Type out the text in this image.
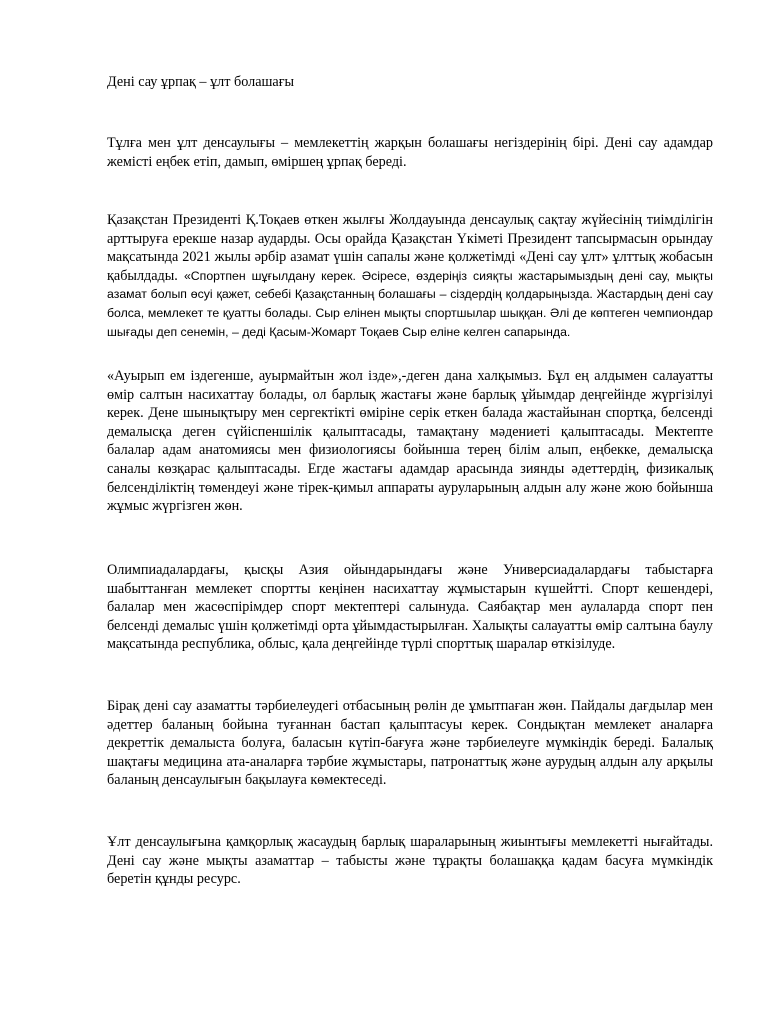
Дені сау ұрпақ – ұлт болашағы

Тұлға мен ұлт денсаулығы – мемлекеттің жарқын болашағы негіздерінің бірі. Дені сау адамдар жемісті еңбек етіп, дамып, өміршең ұрпақ береді.

Қазақстан Президенті Қ.Тоқаев өткен жылғы Жолдауында денсаулық сақтау жүйесінің тиімділігін арттыруға ерекше назар аударды. Осы орайда Қазақстан Үкіметі Президент тапсырмасын орындау мақсатында 2021 жылы әрбір азамат үшін сапалы және қолжетімді «Дені сау ұлт» ұлттық жобасын қабылдады. «Спортпен шұғылдану керек. Әсіресе, өздеріңіз сияқты жастарымыздың дені сау, мықты азамат болып өсуі қажет, себебі Қазақстанның болашағы – сіздердің қолдарыңызда. Жастардың дені сау болса, мемлекет те қуатты болады. Сыр елінен мықты спортшылар шыққан. Әлі де көптеген чемпиондар шығады деп сенемін, – деді Қасым-Жомарт Тоқаев Сыр еліне келген сапарында.

«Ауырып ем іздегенше, ауырмайтын жол ізде»,-деген дана халқымыз. Бұл ең алдымен салауатты өмір салтын насихаттау болады, ол барлық жастағы және барлық ұйымдар деңгейінде жүргізілуі керек. Дене шынықтыру мен сергектікті өміріне серік еткен балада жастайынан спортқа, белсенді демалысқа деген сүйіспеншілік қалыптасады, тамақтану мәдениеті қалыптасады. Мектепте балалар адам анатомиясы мен физиологиясы бойынша терең білім алып, еңбекке, демалысқа саналы көзқарас қалыптасады. Егде жастағы адамдар арасында зиянды әдеттердің, физикалық белсенділіктің төмендеуі және тірек-қимыл аппараты ауруларының алдын алу және жою бойынша жұмыс жүргізген жөн.

Олимпиадалардағы, қысқы Азия ойындарындағы және Универсиадалардағы табыстарға шабыттанған мемлекет спортты кеңінен насихаттау жұмыстарын күшейтті. Спорт кешендері, балалар мен жасөспірімдер спорт мектептері салынуда. Саябақтар мен аулаларда спорт пен белсенді демалыс үшін қолжетімді орта ұйымдастырылған. Халықты салауатты өмір салтына баулу мақсатында республика, облыс, қала деңгейінде түрлі спорттық шаралар өткізілуде.

Бірақ дені сау азаматты тәрбиелеудегі отбасының рөлін де ұмытпаған жөн. Пайдалы дағдылар мен әдеттер баланың бойына туғаннан бастап қалыптасуы керек. Сондықтан мемлекет аналарға декреттік демалыста болуға, баласын күтіп-бағуға және тәрбиелеуге мүмкіндік береді. Балалық шақтағы медицина ата-аналарға тәрбие жұмыстары, патронаттық және аурудың алдын алу арқылы баланың денсаулығын бақылауға көмектеседі.

Ұлт денсаулығына қамқорлық жасаудың барлық шараларының жиынтығы мемлекетті нығайтады. Дені сау және мықты азаматтар – табысты және тұрақты болашаққа қадам басуға мүмкіндік беретін құнды ресурс.
